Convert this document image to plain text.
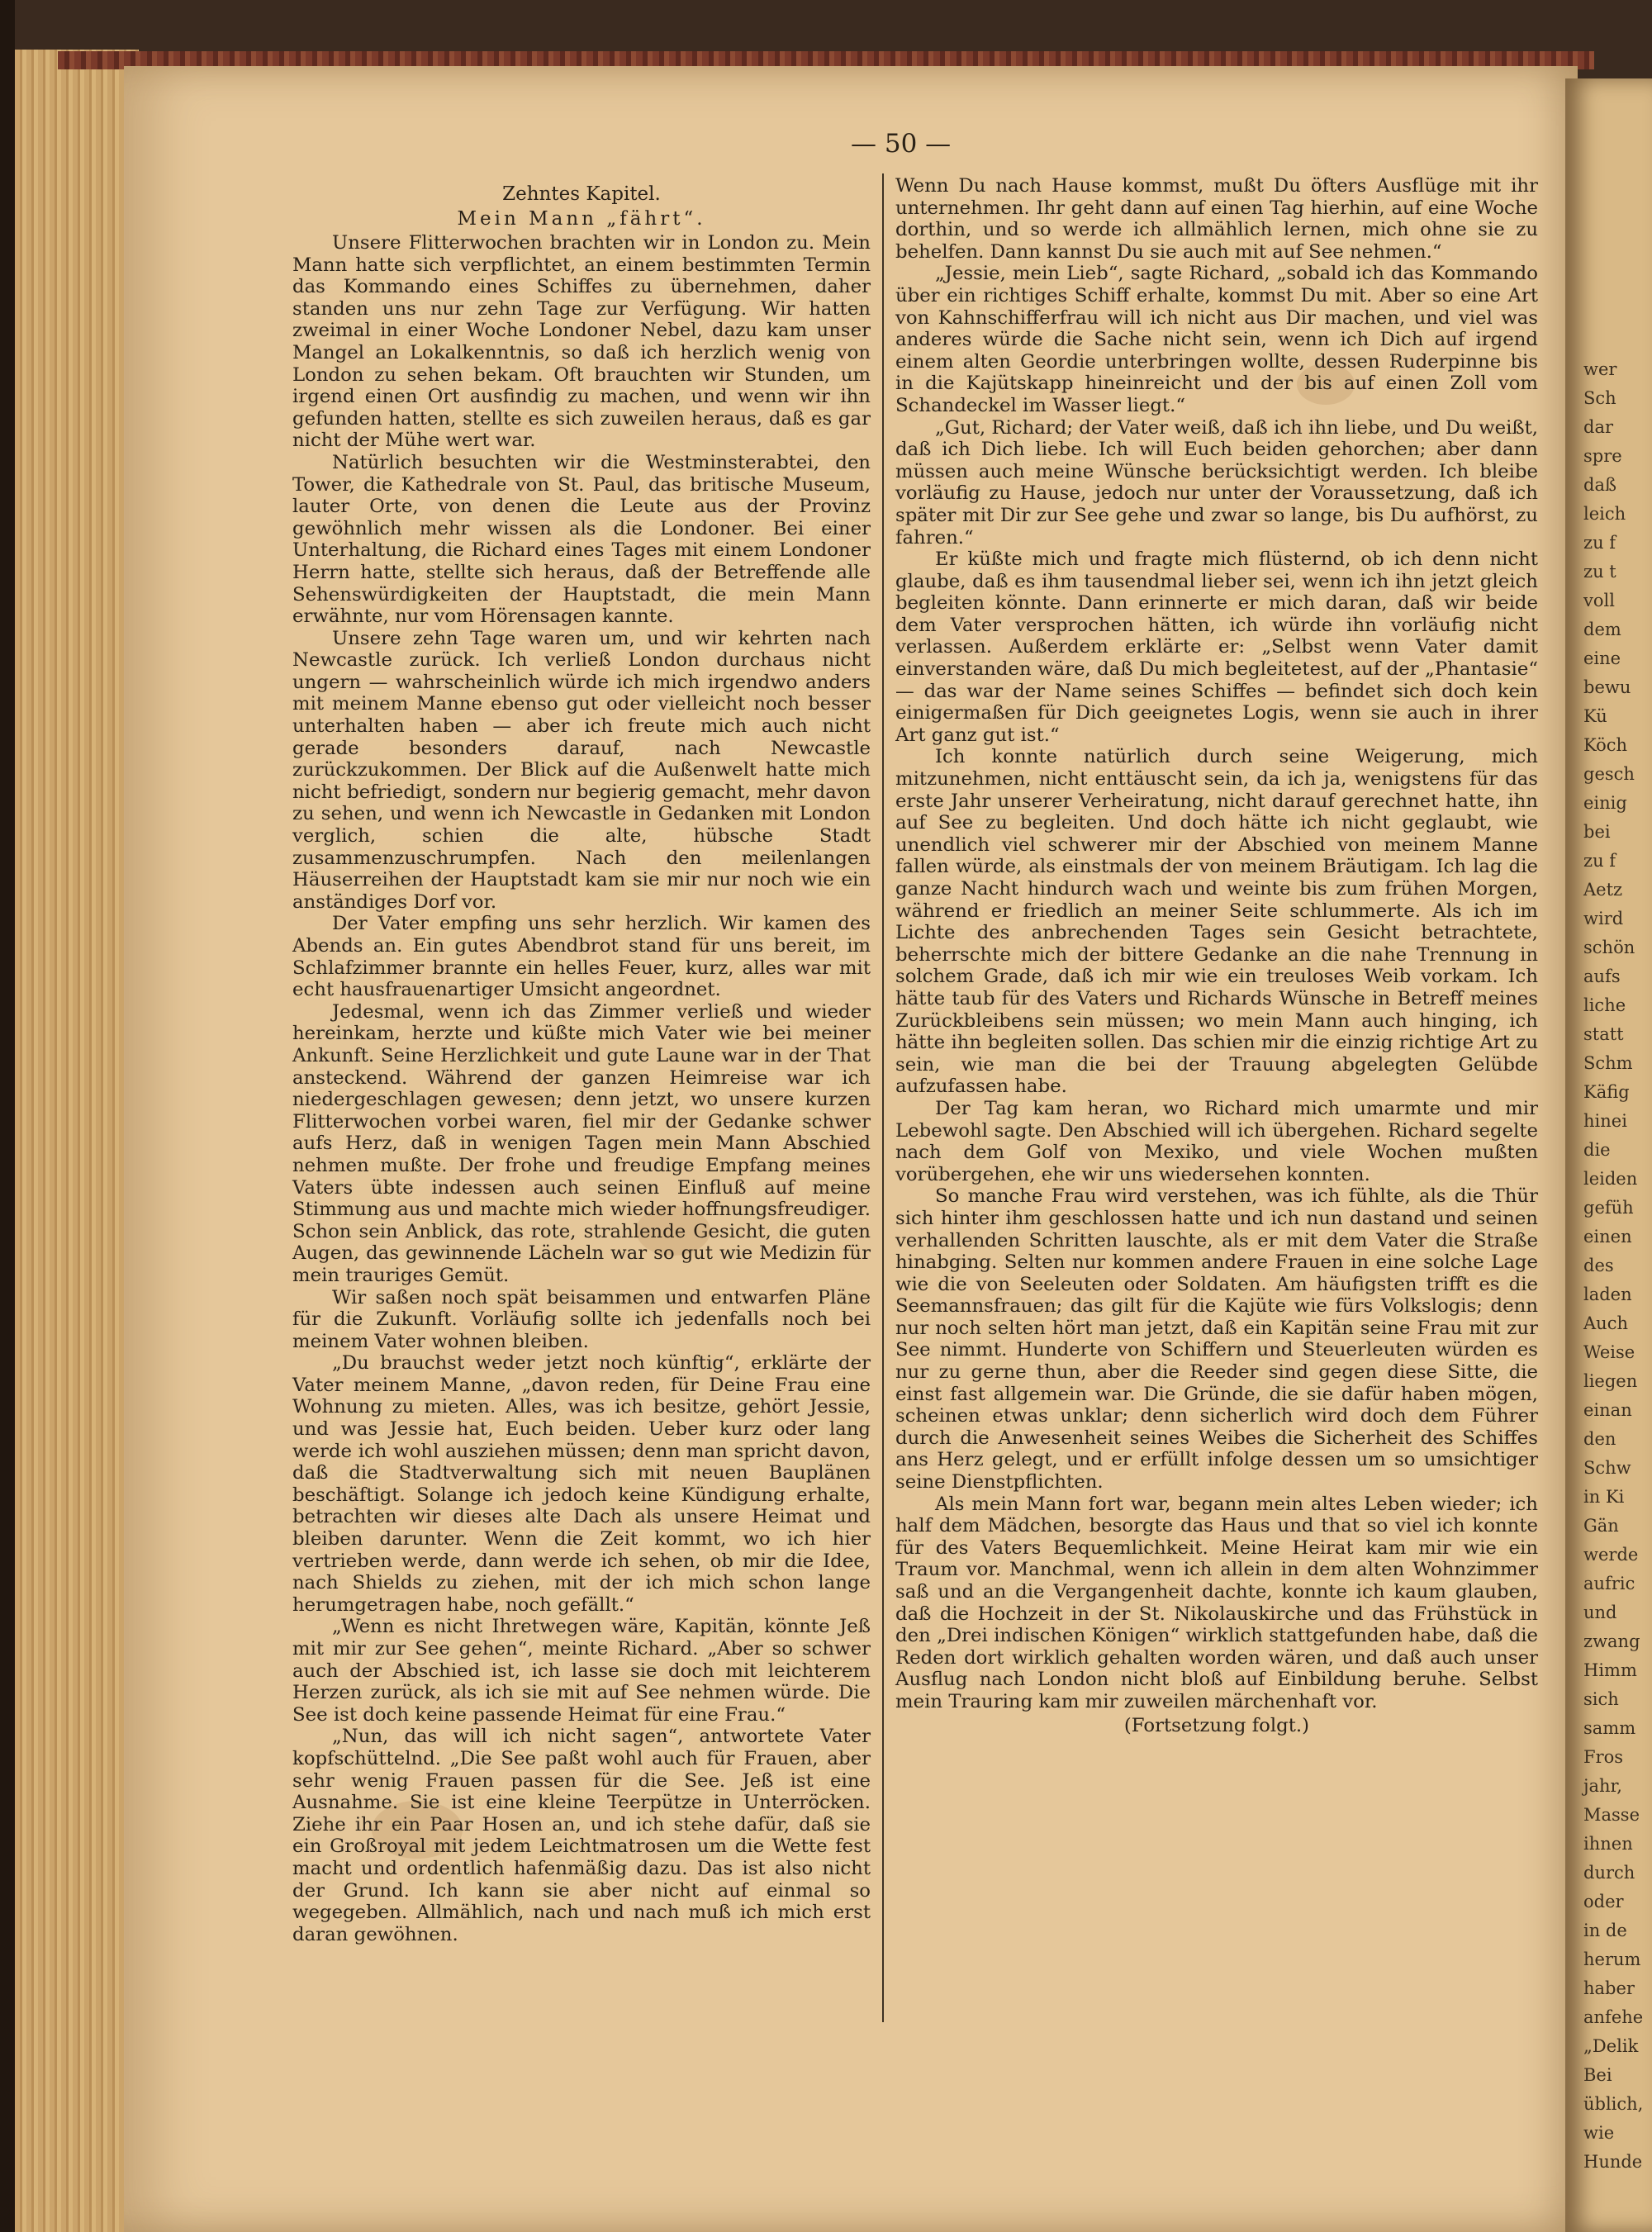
— 50 —
Zehntes Kapitel.
Mein Mann „fährt“.

Unsere Flitterwochen brachten wir in London zu. Mein Mann hatte sich verpflichtet, an einem bestimmten Termin das Kommando eines Schiffes zu übernehmen, daher standen uns nur zehn Tage zur Verfügung. Wir hatten zweimal in einer Woche Londoner Nebel, dazu kam unser Mangel an Lokalkenntnis, so daß ich herzlich wenig von London zu sehen bekam. Oft brauchten wir Stunden, um irgend einen Ort ausfindig zu machen, und wenn wir ihn gefunden hatten, stellte es sich zuweilen heraus, daß es gar nicht der Mühe wert war.

Natürlich besuchten wir die Westminsterabtei, den Tower, die Kathedrale von St. Paul, das britische Museum, lauter Orte, von denen die Leute aus der Provinz gewöhnlich mehr wissen als die Londoner. Bei einer Unterhaltung, die Richard eines Tages mit einem Londoner Herrn hatte, stellte sich heraus, daß der Betreffende alle Sehenswürdigkeiten der Hauptstadt, die mein Mann erwähnte, nur vom Hörensagen kannte.

Unsere zehn Tage waren um, und wir kehrten nach Newcastle zurück. Ich verließ London durchaus nicht ungern — wahrscheinlich würde ich mich irgendwo anders mit meinem Manne ebenso gut oder vielleicht noch besser unterhalten haben — aber ich freute mich auch nicht gerade besonders darauf, nach Newcastle zurückzukommen. Der Blick auf die Außenwelt hatte mich nicht befriedigt, sondern nur begierig gemacht, mehr davon zu sehen, und wenn ich Newcastle in Gedanken mit London verglich, schien die alte, hübsche Stadt zusammenzuschrumpfen. Nach den meilenlangen Häuserreihen der Hauptstadt kam sie mir nur noch wie ein anständiges Dorf vor.

Der Vater empfing uns sehr herzlich. Wir kamen des Abends an. Ein gutes Abendbrot stand für uns bereit, im Schlafzimmer brannte ein helles Feuer, kurz, alles war mit echt hausfrauenartiger Umsicht angeordnet.

Jedesmal, wenn ich das Zimmer verließ und wieder hereinkam, herzte und küßte mich Vater wie bei meiner Ankunft. Seine Herzlichkeit und gute Laune war in der That ansteckend. Während der ganzen Heimreise war ich niedergeschlagen gewesen; denn jetzt, wo unsere kurzen Flitterwochen vorbei waren, fiel mir der Gedanke schwer aufs Herz, daß in wenigen Tagen mein Mann Abschied nehmen mußte. Der frohe und freudige Empfang meines Vaters übte indessen auch seinen Einfluß auf meine Stimmung aus und machte mich wieder hoffnungsfreudiger. Schon sein Anblick, das rote, strahlende Gesicht, die guten Augen, das gewinnende Lächeln war so gut wie Medizin für mein trauriges Gemüt.

Wir saßen noch spät beisammen und entwarfen Pläne für die Zukunft. Vorläufig sollte ich jedenfalls noch bei meinem Vater wohnen bleiben.

„Du brauchst weder jetzt noch künftig“, erklärte der Vater meinem Manne, „davon reden, für Deine Frau eine Wohnung zu mieten. Alles, was ich besitze, gehört Jessie, und was Jessie hat, Euch beiden. Ueber kurz oder lang werde ich wohl ausziehen müssen; denn man spricht davon, daß die Stadtverwaltung sich mit neuen Bauplänen beschäftigt. Solange ich jedoch keine Kündigung erhalte, betrachten wir dieses alte Dach als unsere Heimat und bleiben darunter. Wenn die Zeit kommt, wo ich hier vertrieben werde, dann werde ich sehen, ob mir die Idee, nach Shields zu ziehen, mit der ich mich schon lange herumgetragen habe, noch gefällt.“

„Wenn es nicht Ihretwegen wäre, Kapitän, könnte Jeß mit mir zur See gehen“, meinte Richard. „Aber so schwer auch der Abschied ist, ich lasse sie doch mit leichterem Herzen zurück, als ich sie mit auf See nehmen würde. Die See ist doch keine passende Heimat für eine Frau.“

„Nun, das will ich nicht sagen“, antwortete Vater kopfschüttelnd. „Die See paßt wohl auch für Frauen, aber sehr wenig Frauen passen für die See. Jeß ist eine Ausnahme. Sie ist eine kleine Teerpütze in Unterröcken. Ziehe ihr ein Paar Hosen an, und ich stehe dafür, daß sie ein Großroyal mit jedem Leichtmatrosen um die Wette fest macht und ordentlich hafenmäßig dazu. Das ist also nicht der Grund. Ich kann sie aber nicht auf einmal so wegegeben. Allmählich, nach und nach muß ich mich erst daran gewöhnen.

Wenn Du nach Hause kommst, mußt Du öfters Ausflüge mit ihr unternehmen. Ihr geht dann auf einen Tag hierhin, auf eine Woche dorthin, und so werde ich allmählich lernen, mich ohne sie zu behelfen. Dann kannst Du sie auch mit auf See nehmen.“

„Jessie, mein Lieb“, sagte Richard, „sobald ich das Kommando über ein richtiges Schiff erhalte, kommst Du mit. Aber so eine Art von Kahnschifferfrau will ich nicht aus Dir machen, und viel was anderes würde die Sache nicht sein, wenn ich Dich auf irgend einem alten Geordie unterbringen wollte, dessen Ruderpinne bis in die Kajütskapp hineinreicht und der bis auf einen Zoll vom Schandeckel im Wasser liegt.“

„Gut, Richard; der Vater weiß, daß ich ihn liebe, und Du weißt, daß ich Dich liebe. Ich will Euch beiden gehorchen; aber dann müssen auch meine Wünsche berücksichtigt werden. Ich bleibe vorläufig zu Hause, jedoch nur unter der Voraussetzung, daß ich später mit Dir zur See gehe und zwar so lange, bis Du aufhörst, zu fahren.“

Er küßte mich und fragte mich flüsternd, ob ich denn nicht glaube, daß es ihm tausendmal lieber sei, wenn ich ihn jetzt gleich begleiten könnte. Dann erinnerte er mich daran, daß wir beide dem Vater versprochen hätten, ich würde ihn vorläufig nicht verlassen. Außerdem erklärte er: „Selbst wenn Vater damit einverstanden wäre, daß Du mich begleitetest, auf der „Phantasie“ — das war der Name seines Schiffes — befindet sich doch kein einigermaßen für Dich geeignetes Logis, wenn sie auch in ihrer Art ganz gut ist.“

Ich konnte natürlich durch seine Weigerung, mich mitzunehmen, nicht enttäuscht sein, da ich ja, wenigstens für das erste Jahr unserer Verheiratung, nicht darauf gerechnet hatte, ihn auf See zu begleiten. Und doch hätte ich nicht geglaubt, wie unendlich viel schwerer mir der Abschied von meinem Manne fallen würde, als einstmals der von meinem Bräutigam. Ich lag die ganze Nacht hindurch wach und weinte bis zum frühen Morgen, während er friedlich an meiner Seite schlummerte. Als ich im Lichte des anbrechenden Tages sein Gesicht betrachtete, beherrschte mich der bittere Gedanke an die nahe Trennung in solchem Grade, daß ich mir wie ein treuloses Weib vorkam. Ich hätte taub für des Vaters und Richards Wünsche in Betreff meines Zurückbleibens sein müssen; wo mein Mann auch hinging, ich hätte ihn begleiten sollen. Das schien mir die einzig richtige Art zu sein, wie man die bei der Trauung abgelegten Gelübde aufzufassen habe.

Der Tag kam heran, wo Richard mich umarmte und mir Lebewohl sagte. Den Abschied will ich übergehen. Richard segelte nach dem Golf von Mexiko, und viele Wochen mußten vorübergehen, ehe wir uns wiedersehen konnten.

So manche Frau wird verstehen, was ich fühlte, als die Thür sich hinter ihm geschlossen hatte und ich nun dastand und seinen verhallenden Schritten lauschte, als er mit dem Vater die Straße hinabging. Selten nur kommen andere Frauen in eine solche Lage wie die von Seeleuten oder Soldaten. Am häufigsten trifft es die Seemannsfrauen; das gilt für die Kajüte wie fürs Volkslogis; denn nur noch selten hört man jetzt, daß ein Kapitän seine Frau mit zur See nimmt. Hunderte von Schiffern und Steuerleuten würden es nur zu gerne thun, aber die Reeder sind gegen diese Sitte, die einst fast allgemein war. Die Gründe, die sie dafür haben mögen, scheinen etwas unklar; denn sicherlich wird doch dem Führer durch die Anwesenheit seines Weibes die Sicherheit des Schiffes ans Herz gelegt, und er erfüllt infolge dessen um so umsichtiger seine Dienstpflichten.

Als mein Mann fort war, begann mein altes Leben wieder; ich half dem Mädchen, besorgte das Haus und that so viel ich konnte für des Vaters Bequemlichkeit. Meine Heirat kam mir wie ein Traum vor. Manchmal, wenn ich allein in dem alten Wohnzimmer saß und an die Vergangenheit dachte, konnte ich kaum glauben, daß die Hochzeit in der St. Nikolauskirche und das Frühstück in den „Drei indischen Königen“ wirklich stattgefunden habe, daß die Reden dort wirklich gehalten worden wären, und daß auch unser Ausflug nach London nicht bloß auf Einbildung beruhe. Selbst mein Trauring kam mir zuweilen märchenhaft vor.

(Fortsetzung folgt.)
wer
Sch
dar
spre
daß
leich
zu f
zu t
voll
dem
eine
bewu
Kü
Köch
gesch
einig
bei
zu f
Aetz
wird
schön
aufs
liche
statt
Schm
Käfig
hinei
die
leiden
gefüh
einen
des
laden
Auch
Weise
liegen
einan
den
Schw
in Ki
Gän
werde
aufric
und
zwang
Himm
sich
samm
Fros
jahr,
Masse
ihnen
durch
oder
in de
herum
haber
anfehe
„Delik
Bei
üblich,
wie
Hunde
